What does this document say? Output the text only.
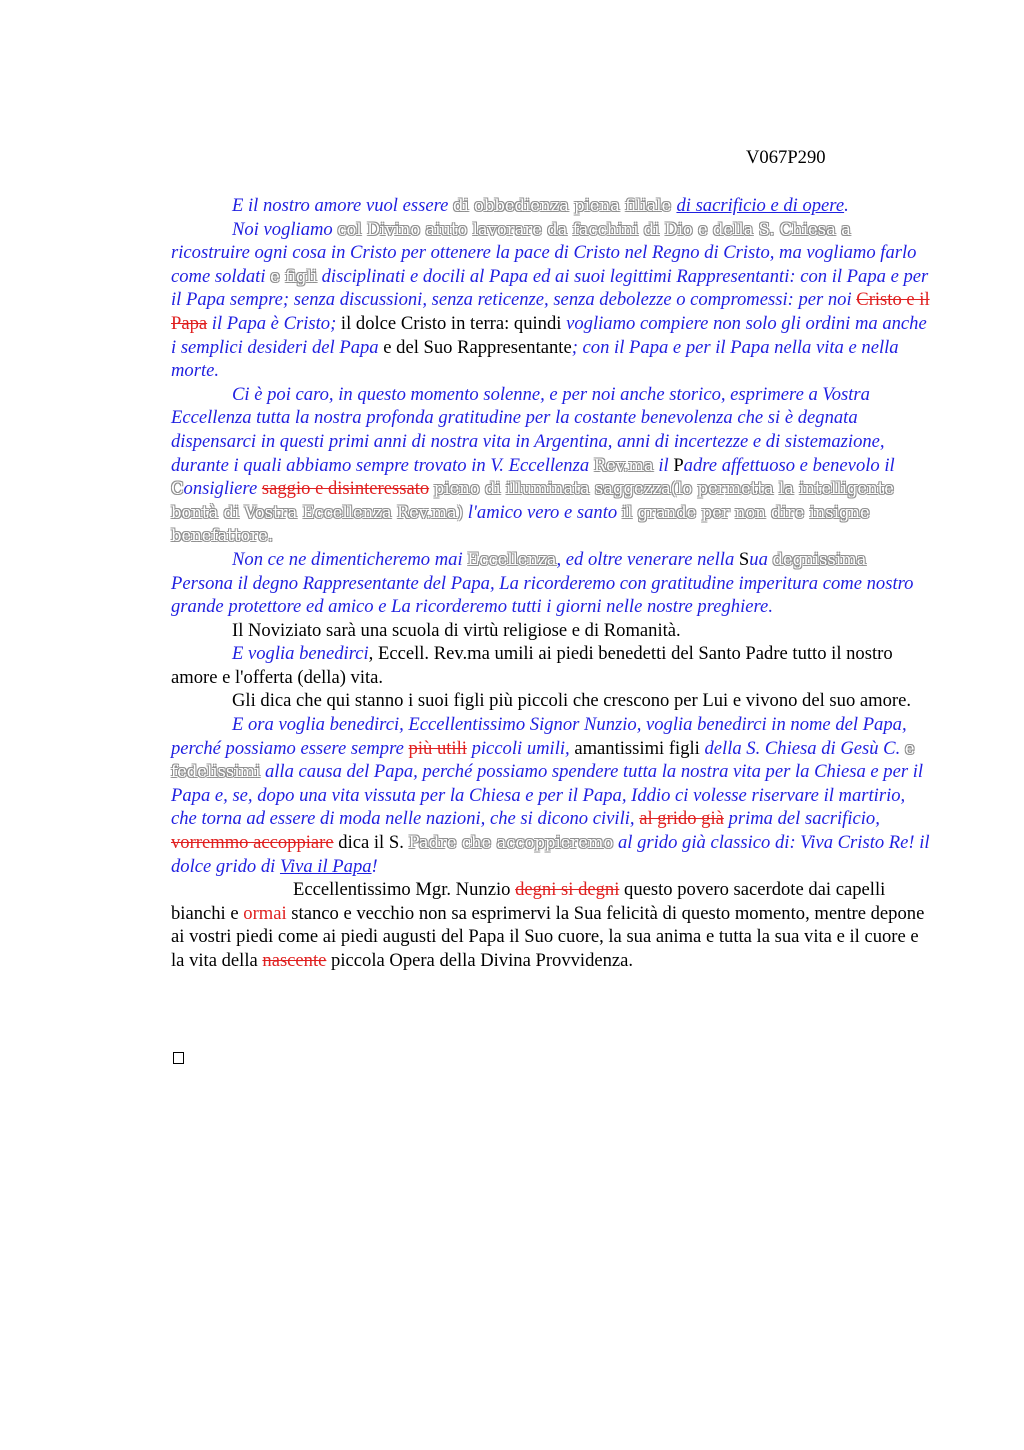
V067P290

E il nostro amore vuol essere di obbedienza piena filiale di sacrificio e di opere.

Noi vogliamo col Divino aiuto lavorare da facchini di Dio e della S. Chiesa a ricostruire ogni cosa in Cristo per ottenere la pace di Cristo nel Regno di Cristo, ma vogliamo farlo come soldati e figli disciplinati e docili al Papa ed ai suoi legittimi Rappresentanti: con il Papa e per il Papa sempre; senza discussioni, senza reticenze, senza debolezze o compromessi: per noi Cristo e il Papa il Papa è Cristo; il dolce Cristo in terra: quindi vogliamo compiere non solo gli ordini ma anche i semplici desideri del Papa e del Suo Rappresentante; con il Papa e per il Papa nella vita e nella morte.

Ci è poi caro, in questo momento solenne, e per noi anche storico, esprimere a Vostra Eccellenza tutta la nostra profonda gratitudine per la costante benevolenza che si è degnata dispensarci in questi primi anni di nostra vita in Argentina, anni di incertezze e di sistemazione, durante i quali abbiamo sempre trovato in V. Eccellenza Rev.ma il Padre affettuoso e benevolo il Consigliere saggio e disinteressato pieno di illuminata saggezza(lo permetta la intelligente bontà di Vostra Eccellenza Rev.ma) l'amico vero e santo il grande per non dire insigne benefattore.

Non ce ne dimenticheremo mai Eccellenza, ed oltre venerare nella Sua degnissima Persona il degno Rappresentante del Papa, La ricorderemo con gratitudine imperitura come nostro grande protettore ed amico e La ricorderemo tutti i giorni nelle nostre preghiere.

Il Noviziato sarà una scuola di virtù religiose e di Romanità.

E voglia benedirci, Eccell. Rev.ma umili ai piedi benedetti del Santo Padre tutto il nostro amore e l'offerta (della) vita.

Gli dica che qui stanno i suoi figli più piccoli che crescono per Lui e vivono del suo amore.

E ora voglia benedirci, Eccellentissimo Signor Nunzio, voglia benedirci in nome del Papa, perché possiamo essere sempre più utili piccoli umili, amantissimi figli della S. Chiesa di Gesù C. e fedelissimi alla causa del Papa, perché possiamo spendere tutta la nostra vita per la Chiesa e per il Papa e, se, dopo una vita vissuta per la Chiesa e per il Papa, Iddio ci volesse riservare il martirio, che torna ad essere di moda nelle nazioni, che si dicono civili, al grido già prima del sacrificio, vorremmo accoppiare dica il S. Padre che accoppieremo al grido già classico di: Viva Cristo Re! il dolce grido di Viva il Papa!

Eccellentissimo Mgr. Nunzio degni si degni questo povero sacerdote dai capelli bianchi e ormai stanco e vecchio non sa esprimervi la Sua felicità di questo momento, mentre depone ai vostri piedi come ai piedi augusti del Papa il Suo cuore, la sua anima e tutta la sua vita e il cuore e la vita della nascente piccola Opera della Divina Provvidenza.
